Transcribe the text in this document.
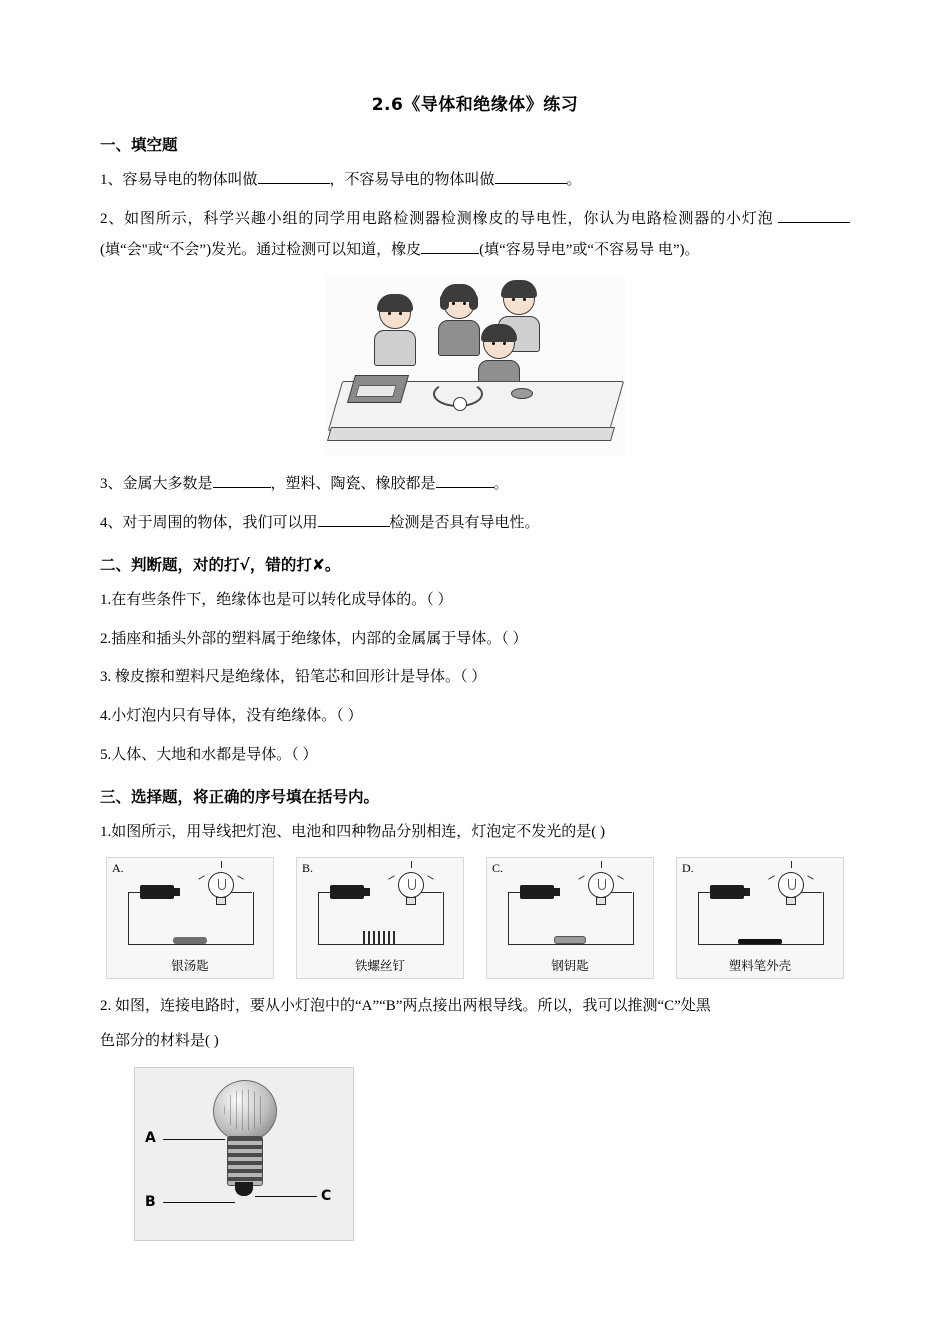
2.6《导体和绝缘体》练习
一、填空题

1、容易导电的物体叫做	，不容易导电的物体叫做	。

2、如图所示，科学兴趣小组的同学用电路检测器检测橡皮的导电性，你认为电路检测器的小灯泡 (填“会"或“不会”)发光。通过检测可以知道，橡皮	(填“容易导电”或“不容易导 电”)。

3、金属大多数是	，塑料、陶瓷、橡胶都是	。

4、对于周围的物体，我们可以用	检测是否具有导电性。

二、判断题，对的打√，错的打✘。

1.在有些条件下，绝缘体也是可以转化成导体的。（ ）

2.插座和插头外部的塑料属于绝缘体，内部的金属属于导体。（ ）

3. 橡皮擦和塑料尺是绝缘体，铅笔芯和回形计是导体。（ ）

4.小灯泡内只有导体，没有绝缘体。（ ）

5.人体、大地和水都是导体。（ ）

三、选择题，将正确的序号填在括号内。

1.如图所示，用导线把灯泡、电池和四种物品分别相连，灯泡定不发光的是( )

A.
银汤匙
B.
铁螺丝钉
C.
钢钥匙
D.
塑料笔外壳

2. 如图，连接电路时，要从小灯泡中的“A”“B”两点接出两根导线。所以，我可以推测“C”处黑

色部分的材料是( )

A
B	C
